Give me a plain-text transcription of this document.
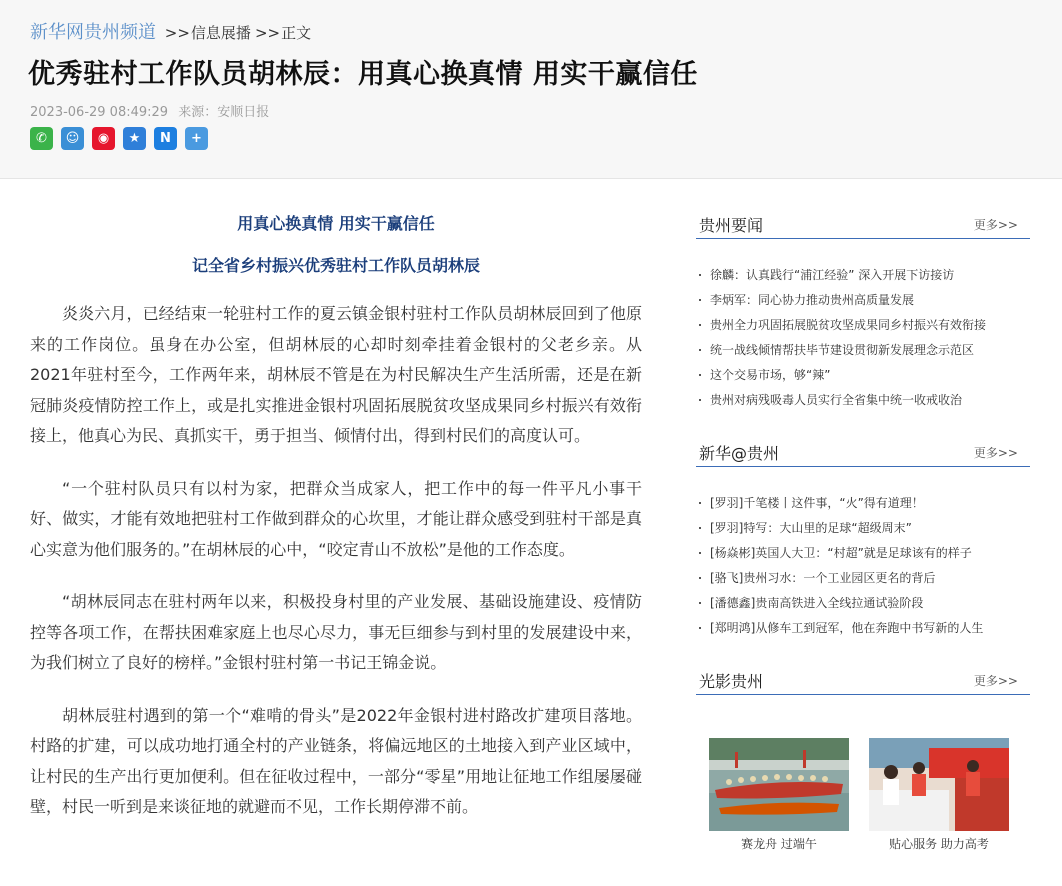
新华网贵州频道 >>信息展播 >>正文
优秀驻村工作队员胡林辰：用真心换真情 用实干赢信任
2023-06-29 08:49:29 来源：安顺日报
✆	☺	◉	★	N	+
用真心换真情 用实干赢信任
记全省乡村振兴优秀驻村工作队员胡林辰

炎炎六月，已经结束一轮驻村工作的夏云镇金银村驻村工作队员胡林辰回到了他原来的工作岗位。虽身在办公室，但胡林辰的心却时刻牵挂着金银村的父老乡亲。从2021年驻村至今，工作两年来，胡林辰不管是在为村民解决生产生活所需，还是在新冠肺炎疫情防控工作上，或是扎实推进金银村巩固拓展脱贫攻坚成果同乡村振兴有效衔接上，他真心为民、真抓实干，勇于担当、倾情付出，得到村民们的高度认可。

“一个驻村队员只有以村为家，把群众当成家人，把工作中的每一件平凡小事干好、做实，才能有效地把驻村工作做到群众的心坎里，才能让群众感受到驻村干部是真心实意为他们服务的。”在胡林辰的心中，“咬定青山不放松”是他的工作态度。

“胡林辰同志在驻村两年以来，积极投身村里的产业发展、基础设施建设、疫情防控等各项工作，在帮扶困难家庭上也尽心尽力，事无巨细参与到村里的发展建设中来，为我们树立了良好的榜样。”金银村驻村第一书记王锦金说。

胡林辰驻村遇到的第一个“难啃的骨头”是2022年金银村进村路改扩建项目落地。村路的扩建，可以成功地打通全村的产业链条，将偏远地区的土地接入到产业区域中，让村民的生产出行更加便利。但在征收过程中，一部分“零星”用地让征地工作组屡屡碰壁，村民一听到是来谈征地的就避而不见，工作长期停滞不前。

贵州要闻	更多>>
徐麟：认真践行“浦江经验” 深入开展下访接访
李炳军：同心协力推动贵州高质量发展
贵州全力巩固拓展脱贫攻坚成果同乡村振兴有效衔接
统一战线倾情帮扶毕节建设贯彻新发展理念示范区
这个交易市场，够“辣”
贵州对病残吸毒人员实行全省集中统一收戒收治
新华@贵州	更多>>
[罗羽]千笔楼丨这件事，“火”得有道理！
[罗羽]特写：大山里的足球“超级周末”
[杨焱彬]英国人大卫：“村超”就是足球该有的样子
[骆飞]贵州习水：一个工业园区更名的背后
[潘德鑫]贵南高铁进入全线拉通试验阶段
[郑明鸿]从修车工到冠军，他在奔跑中书写新的人生
光影贵州	更多>>
赛龙舟 过端午	贴心服务 助力高考
